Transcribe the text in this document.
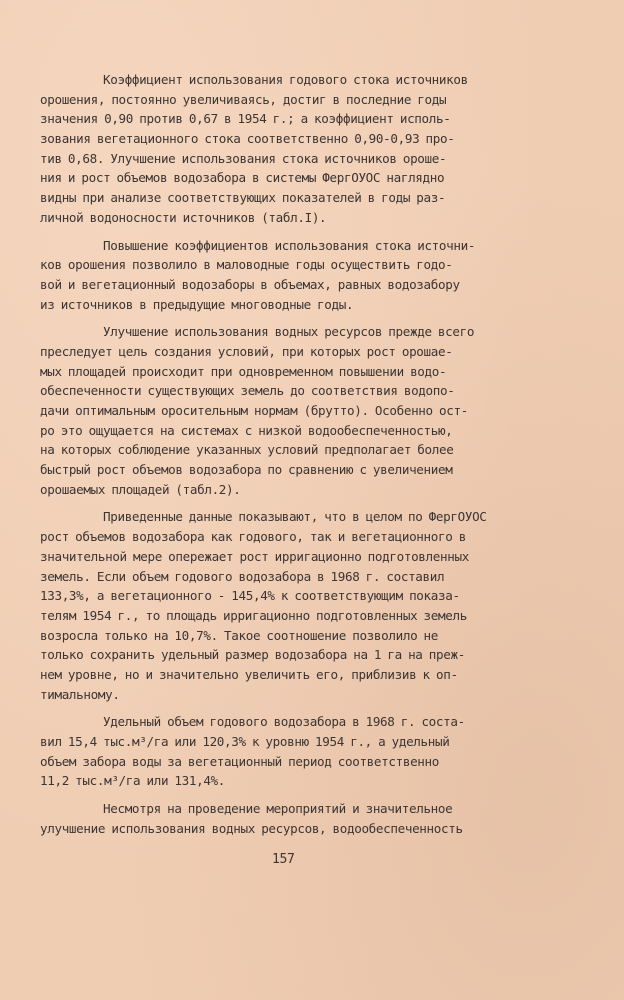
Коэффициент использования годового стока источников
орошения, постоянно увеличиваясь, достиг в последние годы
значения 0,90 против 0,67 в 1954 г.; а коэффициент исполь-
зования вегетационного стока соответственно 0,90-0,93 про-
тив 0,68. Улучшение использования стока источников ороше-
ния и рост объемов водозабора в системы ФергОУОС наглядно
видны при анализе соответствующих показателей в годы раз-
личной водоносности источников (табл.I).
Повышение коэффициентов использования стока источни-
ков орошения позволило в маловодные годы осуществить годо-
вой и вегетационный водозаборы в объемах, равных водозабору
из источников в предыдущие многоводные годы.
Улучшение использования водных ресурсов прежде всего
преследует цель создания условий, при которых рост орошае-
мых площадей происходит при одновременном повышении водо-
обеспеченности существующих земель до соответствия водопо-
дачи оптимальным оросительным нормам (брутто). Особенно ост-
ро это ощущается на системах с низкой водообеспеченностью,
на которых соблюдение указанных условий предполагает более
быстрый рост объемов водозабора по сравнению с увеличением
орошаемых площадей (табл.2).
Приведенные данные показывают, что в целом по ФергОУОС
рост объемов водозабора как годового, так и вегетационного в
значительной мере опережает рост ирригационно подготовленных
земель. Если объем годового водозабора в 1968 г. составил
133,3%, а вегетационного - 145,4% к соответствующим показа-
телям 1954 г., то площадь ирригационно подготовленных земель
возросла только на 10,7%. Такое соотношение позволило не
только сохранить удельный размер водозабора на 1 га на преж-
нем уровне, но и значительно увеличить его, приблизив к оп-
тимальному.
Удельный объем годового водозабора в 1968 г. соста-
вил 15,4 тыс.м³/га или 120,3% к уровню 1954 г., а удельный
объем забора воды за вегетационный период соответственно
11,2 тыс.м³/га или 131,4%.
Несмотря на проведение мероприятий и значительное
улучшение использования водных ресурсов, водообеспеченность
157
